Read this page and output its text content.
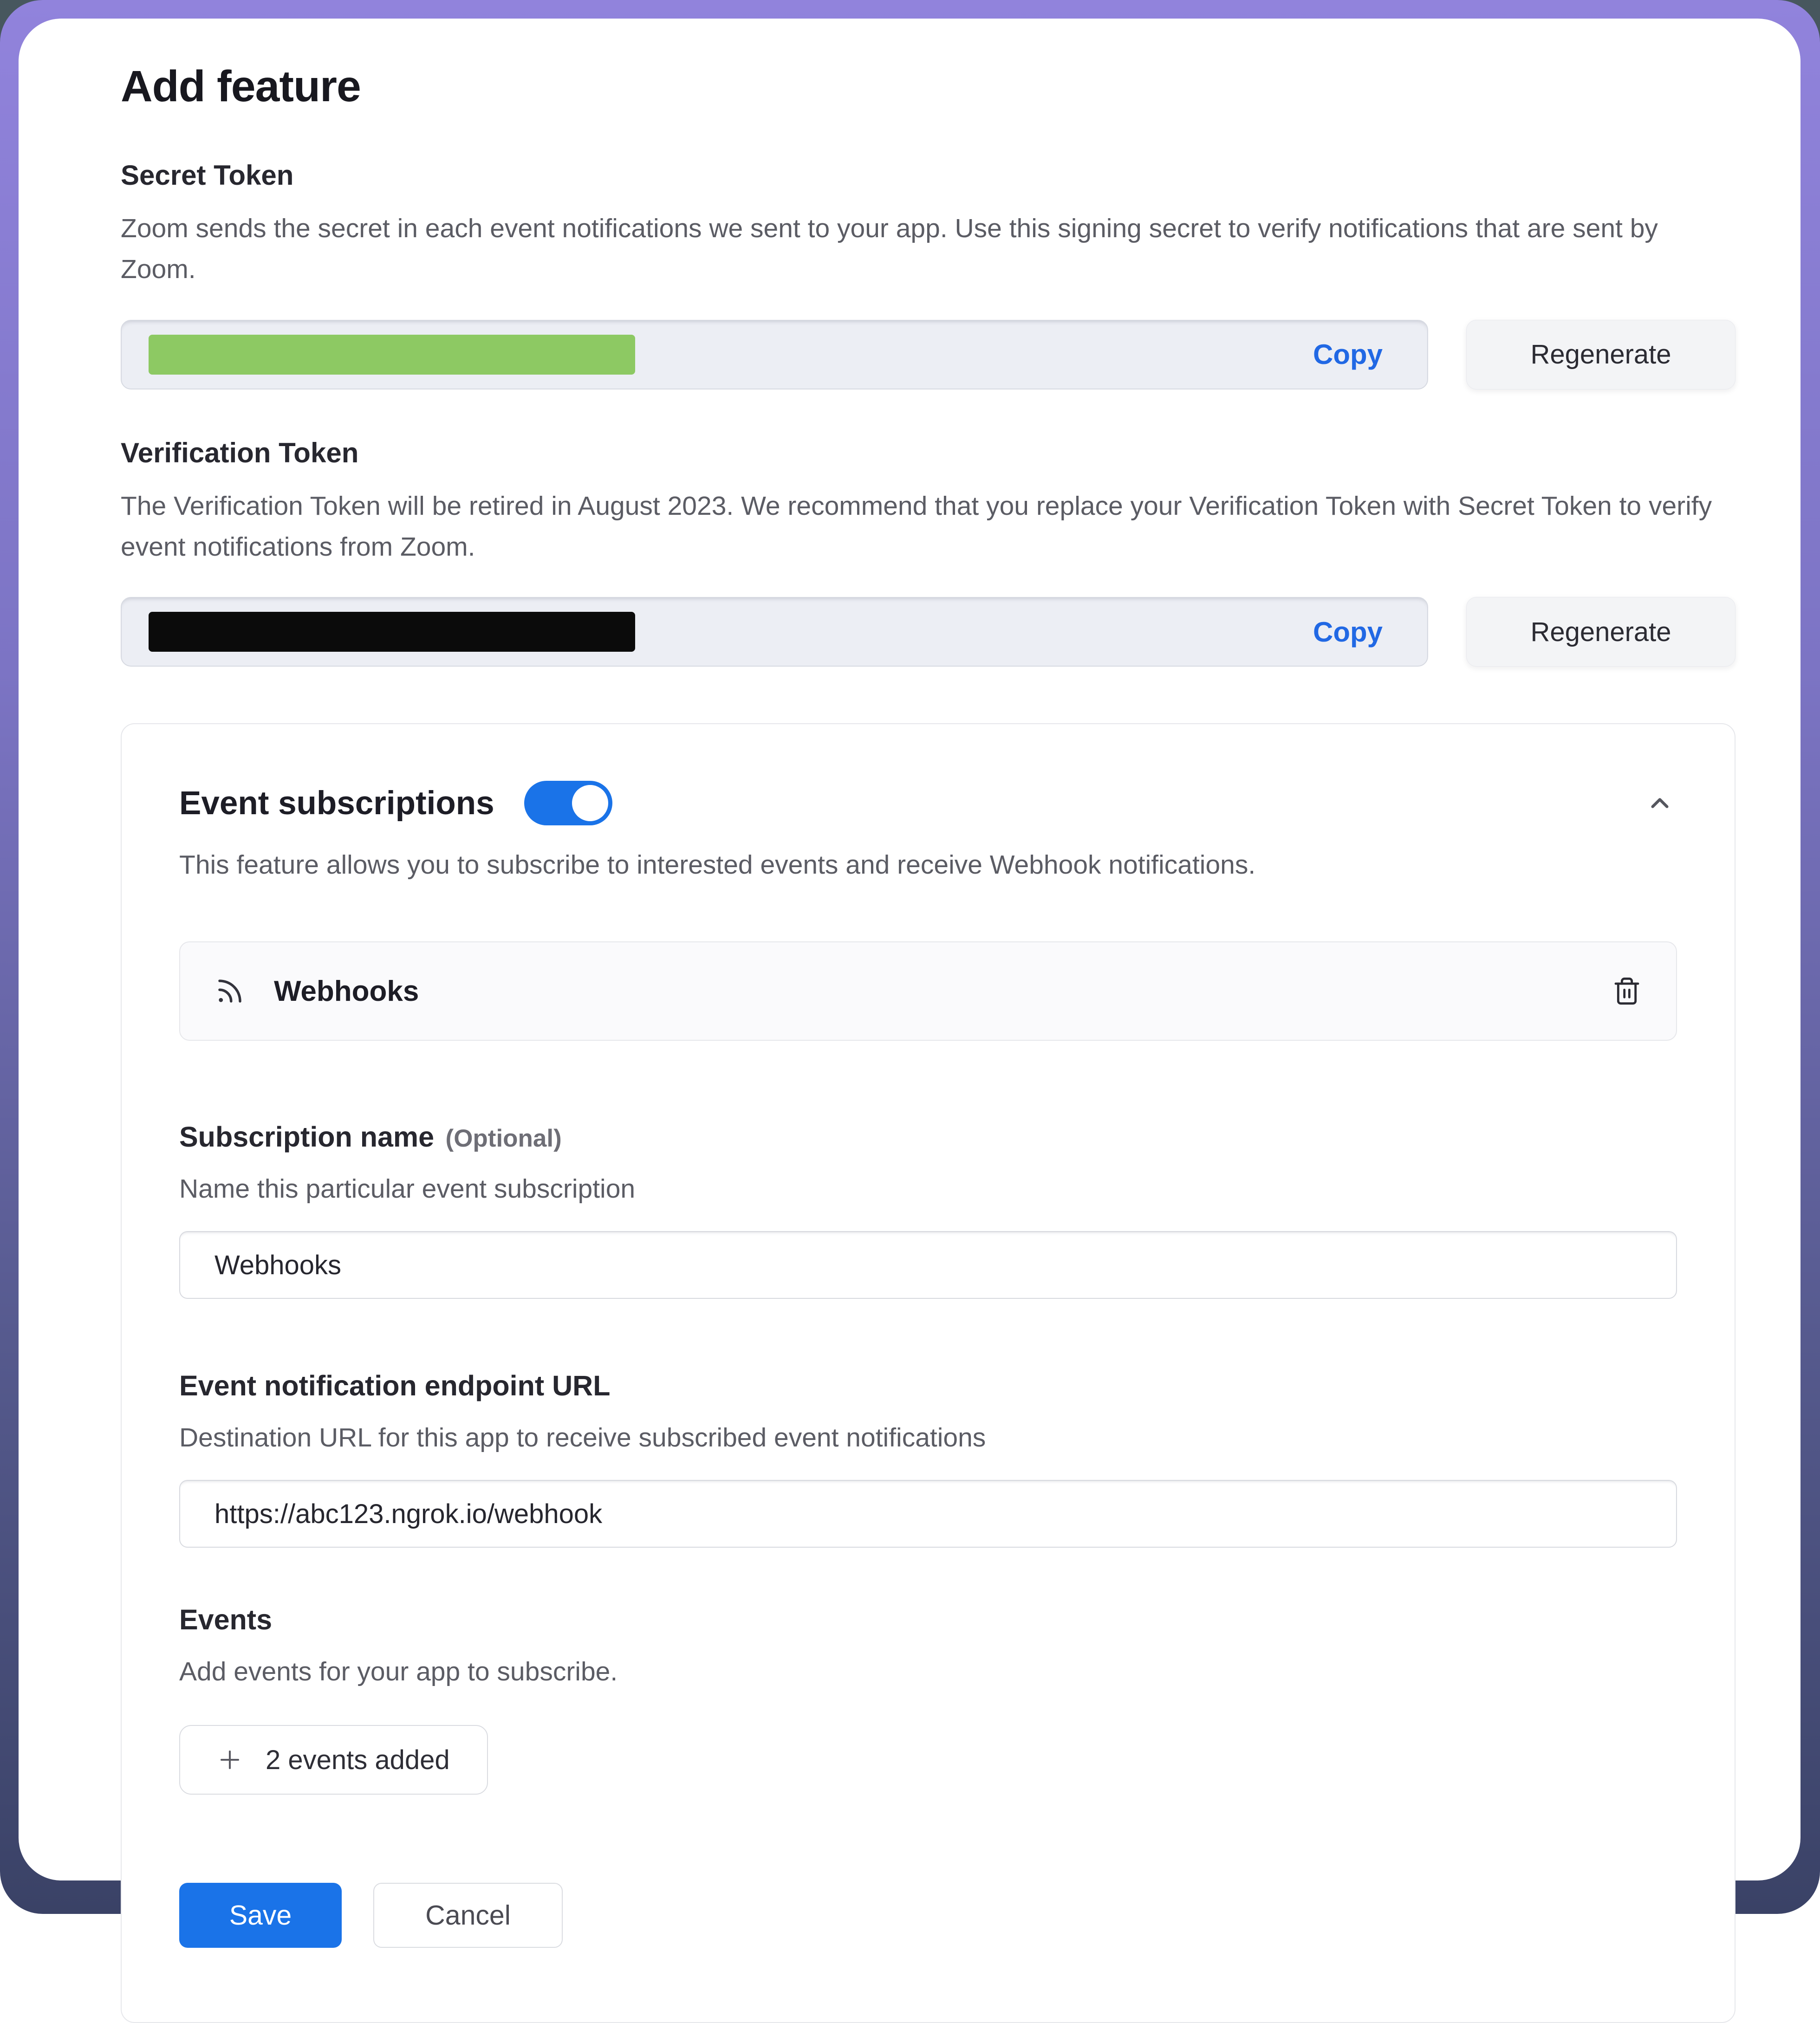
Add feature
Secret Token
Zoom sends the secret in each event notifications we sent to your app. Use this signing secret to verify notifications that are sent by Zoom.
Copy	Regenerate
Verification Token
The Verification Token will be retired in August 2023. We recommend that you replace your Verification Token with Secret Token to verify event notifications from Zoom.
Copy	Regenerate
Event subscriptions
This feature allows you to subscribe to interested events and receive Webhook notifications.
Webhooks
Subscription name (Optional)
Name this particular event subscription
Webhooks
Event notification endpoint URL
Destination URL for this app to receive subscribed event notifications
https://abc123.ngrok.io/webhook
Events
Add events for your app to subscribe.
2 events added
Save	Cancel
